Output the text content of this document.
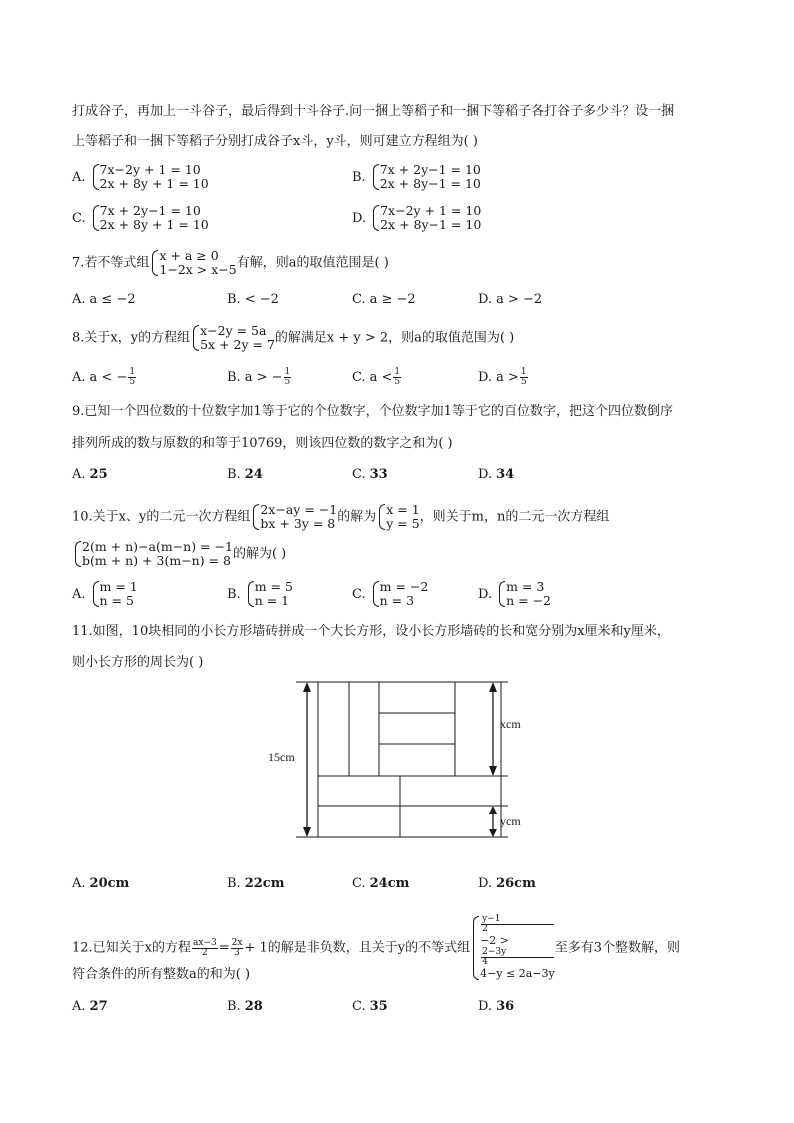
打成谷子，再加上一斗谷子，最后得到十斗谷子.问一捆上等稻子和一捆下等稻子各打谷子多少斗？设一捆
上等稻子和一捆下等稻子分别打成谷子x斗，y斗，则可建立方程组为( )
A. 7x−2y + 1 = 10
2x + 8y + 1 = 10	B. 7x + 2y−1 = 10
2x + 8y−1 = 10
C. 7x + 2y−1 = 10
2x + 8y + 1 = 10	D. 7x−2y + 1 = 10
2x + 8y−1 = 10
7.若不等式组 x + a ≥ 0
1−2x > x−5 有解，则a的取值范围是( )
A. a ≤ −2	B. < −2	C. a ≥ −2	D. a > −2
8.关于x，y的方程组 x−2y = 5a
5x + 2y = 7 的解满足x + y > 2，则a的取值范围为( )
A. a < − $\frac{1}{5}$	B. a > − $\frac{1}{5}$	C. $a < \frac{1}{5}$	D. $a > \frac{1}{5}$
9.已知一个四位数的十位数字加1等于它的个位数字，个位数字加1等于它的百位数字，把这个四位数倒序
排列所成的数与原数的和等于10769，则该四位数的数字之和为( )
A. 25	B. 24	C. 33	D. 34
10.关于x、y的二元一次方程组 2x−ay = −1
bx + 3y = 8 的解为 x = 1
y = 5 ，则关于m，n的二元一次方程组
2(m + n)−a(m−n) = −1
b(m + n) + 3(m−n) = 8 的解为( )
A. m = 1
n = 5	B. m = 5
n = 1	C. m = −2
n = 3	D. m = 3
n = −2
11.如图，10块相同的小长方形墙砖拼成一个大长方形，设小长方形墙砖的长和宽分别为x厘米和y厘米，
则小长方形的周长为( )
15cm
xcm
ycm
A. 20cm	B. 22cm	C. 24cm	D. 26cm
12.已知关于x的方程 $\frac{ax-3}{2} = \frac{2x}{3} + 1$的解是非负数，且关于y的不等式组
y−1
2
−2 >
2−3y
4
4−y ≤ 2a−3y
至多有3个整数解，则
符合条件的所有整数a的和为( )
A. 27	B. 28	C. 35	D. 36
